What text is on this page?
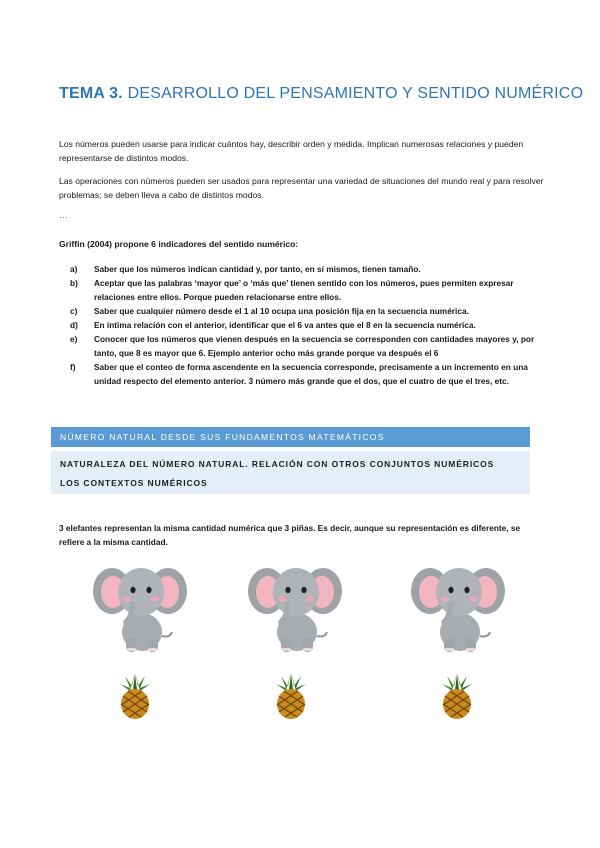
TEMA 3. DESARROLLO DEL PENSAMIENTO Y SENTIDO NUMÉRICO
Los números pueden usarse para indicar cuántos hay, describir orden y medida. Implican numerosas relaciones y pueden representarse de distintos modos.
Las operaciones con números pueden ser usados para representar una variedad de situaciones del mundo real y para resolver problemas; se deben lleva a cabo de distintos modos.
…
Griffin (2004) propone 6 indicadores del sentido numérico:
a) Saber que los números indican cantidad y, por tanto, en sí mismos, tienen tamaño.
b) Aceptar que las palabras ‘mayor que’ o ‘más que’ tienen sentido con los números, pues permiten expresar relaciones entre ellos. Porque pueden relacionarse entre ellos.
c) Saber que cualquier número desde el 1 al 10 ocupa una posición fija en la secuencia numérica.
d) En íntima relación con el anterior, identificar que el 6 va antes que el 8 en la secuencia numérica.
e) Conocer que los números que vienen después en la secuencia se corresponden con cantidades mayores y, por tanto, que 8 es mayor que 6. Ejemplo anterior ocho más grande porque va después el 6
f) Saber que el conteo de forma ascendente en la secuencia corresponde, precisamente a un incremento en una unidad respecto del elemento anterior. 3 número más grande que el dos, que el cuatro de que el tres, etc.
NÚMERO NATURAL DESDE SUS FUNDAMENTOS MATEMÁTICOS
NATURALEZA DEL NÚMERO NATURAL. RELACIÓN CON OTROS CONJUNTOS NUMÉRICOS
LOS CONTEXTOS NUMÉRICOS
3 elefantes representan la misma cantidad numérica que 3 piñas. Es decir, aunque su representación es diferente, se refiere a la misma cantidad.
